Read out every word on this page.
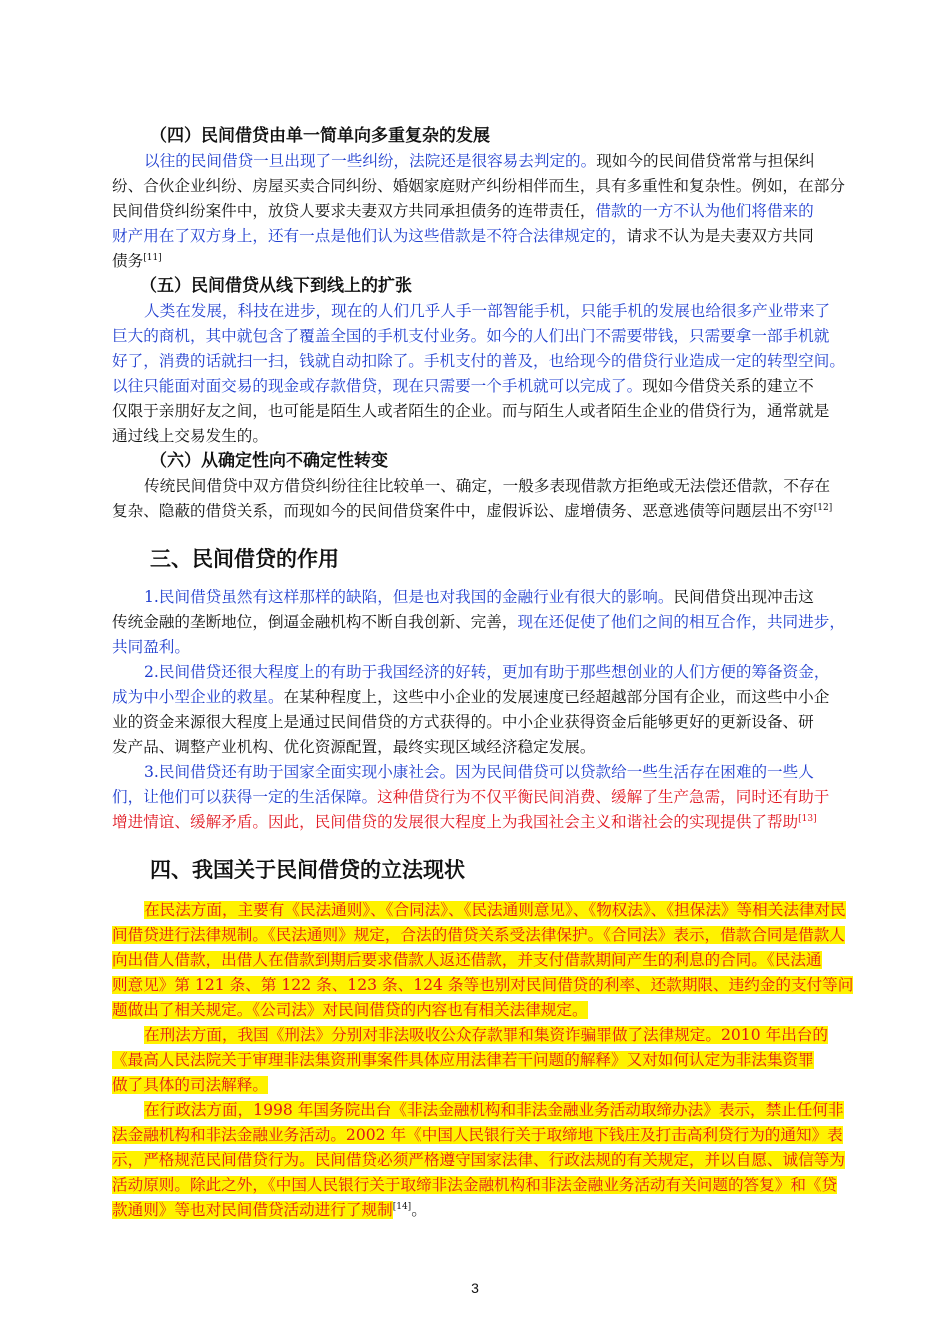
（四）民间借贷由单一简单向多重复杂的发展
以往的民间借贷一旦出现了一些纠纷，法院还是很容易去判定的。现如今的民间借贷常常与担保纠
纷、合伙企业纠纷、房屋买卖合同纠纷、婚姻家庭财产纠纷相伴而生，具有多重性和复杂性。例如，在部分
民间借贷纠纷案件中，放贷人要求夫妻双方共同承担债务的连带责任，借款的一方不认为他们将借来的
财产用在了双方身上，还有一点是他们认为这些借款是不符合法律规定的，请求不认为是夫妻双方共同
债务[11]
（五）民间借贷从线下到线上的扩张
人类在发展，科技在进步，现在的人们几乎人手一部智能手机，只能手机的发展也给很多产业带来了
巨大的商机，其中就包含了覆盖全国的手机支付业务。如今的人们出门不需要带钱，只需要拿一部手机就
好了，消费的话就扫一扫，钱就自动扣除了。手机支付的普及，也给现今的借贷行业造成一定的转型空间。
以往只能面对面交易的现金或存款借贷，现在只需要一个手机就可以完成了。现如今借贷关系的建立不
仅限于亲朋好友之间，也可能是陌生人或者陌生的企业。而与陌生人或者陌生企业的借贷行为，通常就是
通过线上交易发生的。
（六）从确定性向不确定性转变
传统民间借贷中双方借贷纠纷往往比较单一、确定，一般多表现借款方拒绝或无法偿还借款，不存在
复杂、隐蔽的借贷关系，而现如今的民间借贷案件中，虚假诉讼、虚增债务、恶意逃债等问题层出不穷[12]
三、民间借贷的作用
1.民间借贷虽然有这样那样的缺陷，但是也对我国的金融行业有很大的影响。民间借贷出现冲击这
传统金融的垄断地位，倒逼金融机构不断自我创新、完善，现在还促使了他们之间的相互合作，共同进步，
共同盈利。
2.民间借贷还很大程度上的有助于我国经济的好转，更加有助于那些想创业的人们方便的筹备资金，
成为中小型企业的救星。在某种程度上，这些中小企业的发展速度已经超越部分国有企业，而这些中小企
业的资金来源很大程度上是通过民间借贷的方式获得的。中小企业获得资金后能够更好的更新设备、研
发产品、调整产业机构、优化资源配置，最终实现区域经济稳定发展。
3.民间借贷还有助于国家全面实现小康社会。因为民间借贷可以贷款给一些生活存在困难的一些人
们，让他们可以获得一定的生活保障。这种借贷行为不仅平衡民间消费、缓解了生产急需，同时还有助于
增进情谊、缓解矛盾。因此，民间借贷的发展很大程度上为我国社会主义和谐社会的实现提供了帮助[13]
四、我国关于民间借贷的立法现状
在民法方面，主要有《民法通则》、《合同法》、《民法通则意见》、《物权法》、《担保法》等相关法律对民
间借贷进行法律规制。《民法通则》规定，合法的借贷关系受法律保护。《合同法》表示，借款合同是借款人
向出借人借款，出借人在借款到期后要求借款人返还借款，并支付借款期间产生的利息的合同。《民法通
则意见》第 121 条、第 122 条、123 条、124 条等也别对民间借贷的利率、还款期限、违约金的支付等问
题做出了相关规定。《公司法》对民间借贷的内容也有相关法律规定。
在刑法方面，我国《刑法》分别对非法吸收公众存款罪和集资诈骗罪做了法律规定。2010 年出台的
《最高人民法院关于审理非法集资刑事案件具体应用法律若干问题的解释》又对如何认定为非法集资罪
做了具体的司法解释。
在行政法方面，1998 年国务院出台《非法金融机构和非法金融业务活动取缔办法》表示，禁止任何非
法金融机构和非法金融业务活动。2002 年《中国人民银行关于取缔地下钱庄及打击高利贷行为的通知》表
示，严格规范民间借贷行为。民间借贷必须严格遵守国家法律、行政法规的有关规定，并以自愿、诚信等为
活动原则。除此之外，《中国人民银行关于取缔非法金融机构和非法金融业务活动有关问题的答复》和《贷
款通则》等也对民间借贷活动进行了规制[14]。
3
